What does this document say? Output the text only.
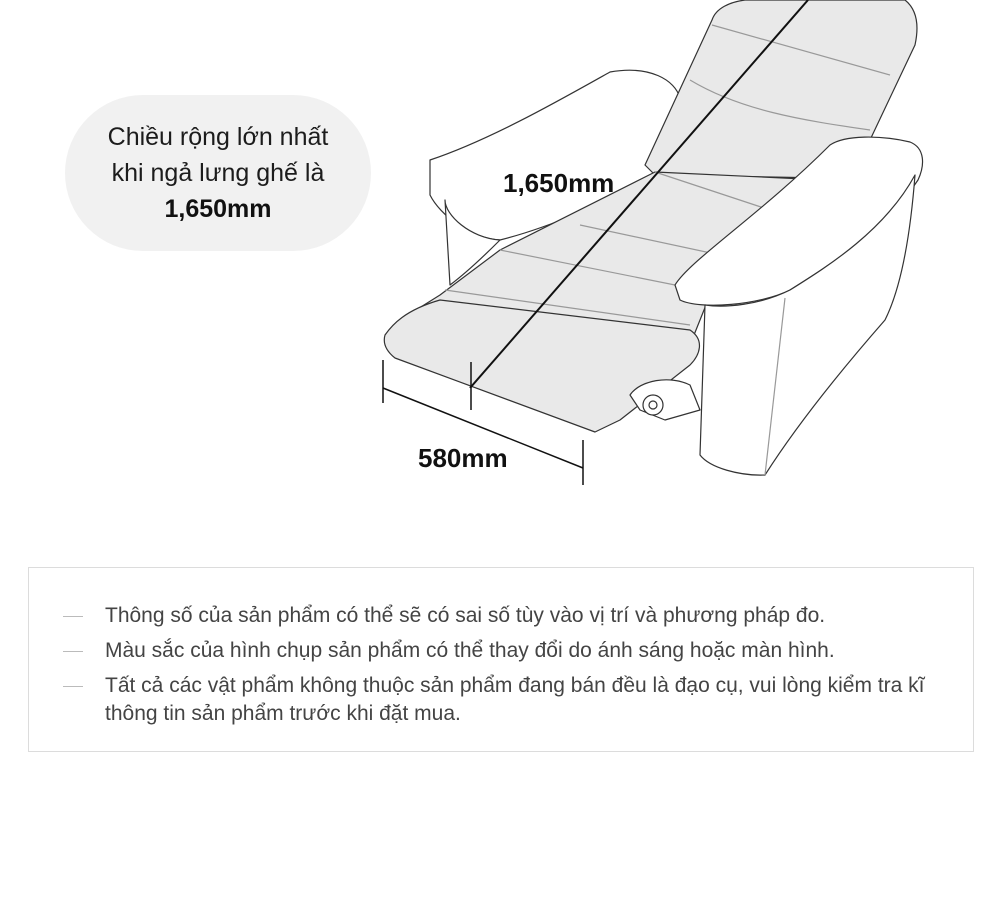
Chiều rộng lớn nhất
khi ngả lưng ghế là
1,650mm
1,650mm
580mm
Thông số của sản phẩm có thể sẽ có sai số tùy vào vị trí và phương pháp đo.
Màu sắc của hình chụp sản phẩm có thể thay đổi do ánh sáng hoặc màn hình.
Tất cả các vật phẩm không thuộc sản phẩm đang bán đều là đạo cụ, vui lòng kiểm tra kĩ thông tin sản phẩm trước khi đặt mua.
